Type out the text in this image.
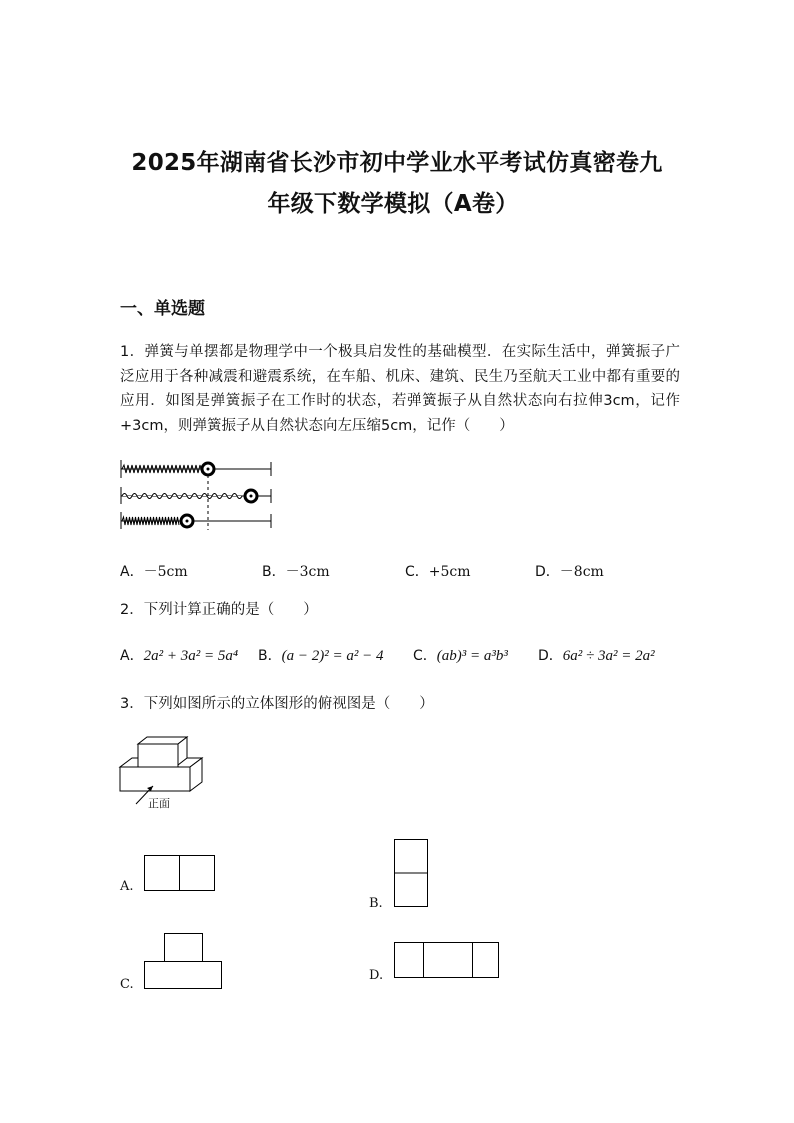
2025年湖南省长沙市初中学业水平考试仿真密卷九
年级下数学模拟（A卷）
一、单选题
1．弹簧与单摆都是物理学中一个极具启发性的基础模型．在实际生活中，弹簧振子广泛应用于各种减震和避震系统，在车船、机床、建筑、民生乃至航天工业中都有重要的应用．如图是弹簧振子在工作时的状态，若弹簧振子从自然状态向右拉伸3cm，记作+3cm，则弹簧振子从自然状态向左压缩5cm，记作（　　）
A．－5cm	B．－3cm	C．+5cm	D．－8cm
2．下列计算正确的是（　　）
A．2a² + 3a² = 5a⁴ B．(a − 2)² = a² − 4 C．(ab)³ = a³b³ D．6a² ÷ 3a² = 2a²
3．下列如图所示的立体图形的俯视图是（　　）
正面
A.
B.
C.
D.
